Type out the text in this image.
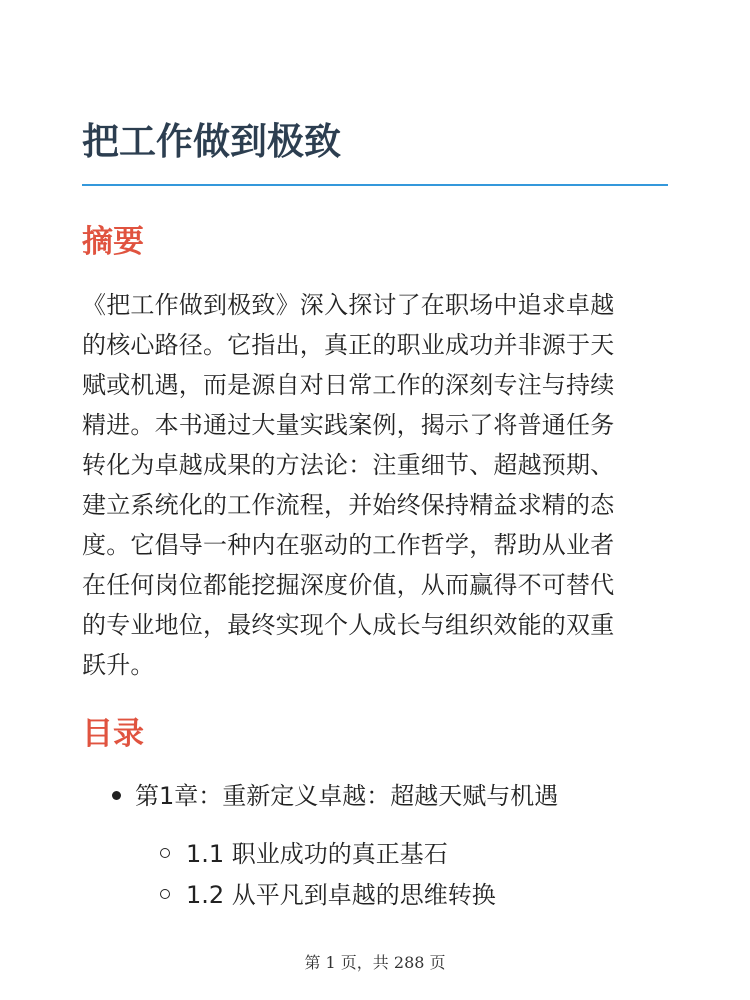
把工作做到极致
摘要

《把工作做到极致》深入探讨了在职场中追求卓越
的核心路径。它指出，真正的职业成功并非源于天
赋或机遇，而是源自对日常工作的深刻专注与持续
精进。本书通过大量实践案例，揭示了将普通任务
转化为卓越成果的方法论：注重细节、超越预期、
建立系统化的工作流程，并始终保持精益求精的态
度。它倡导一种内在驱动的工作哲学，帮助从业者
在任何岗位都能挖掘深度价值，从而赢得不可替代
的专业地位，最终实现个人成长与组织效能的双重
跃升。

目录
第1章：重新定义卓越：超越天赋与机遇
1.1 职业成功的真正基石
1.2 从平凡到卓越的思维转换
第 1 页，共 288 页
